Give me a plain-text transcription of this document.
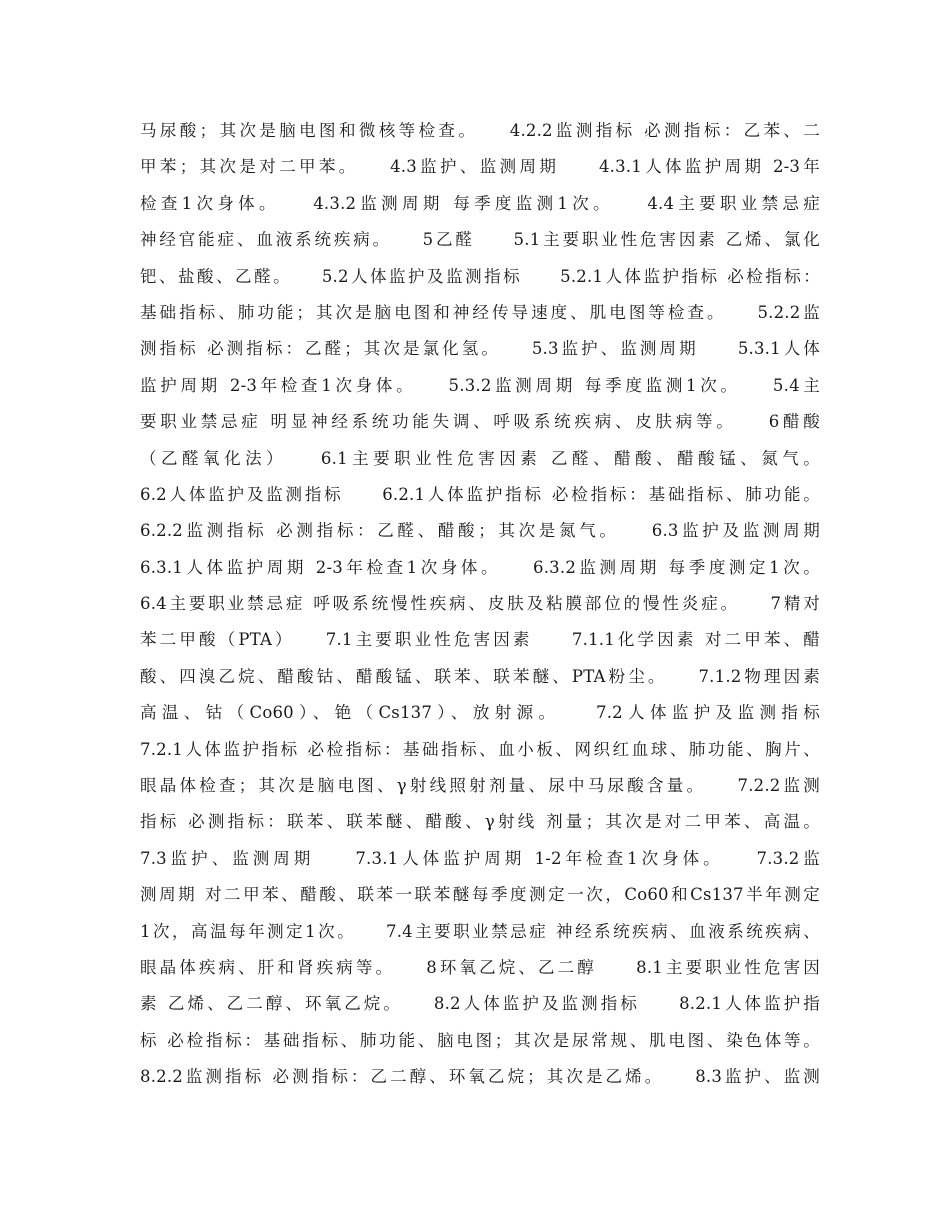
马尿酸；其次是脑电图和微核等检查。　　4.2.2监测指标 必测指标：乙苯、二
甲苯；其次是对二甲苯。　　4.3监护、监测周期　　4.3.1人体监护周期 2-3年
检查1次身体。　　4.3.2监测周期 每季度监测1次。　　4.4主要职业禁忌症
神经官能症、血液系统疾病。　　5乙醛　　5.1主要职业性危害因素 乙烯、氯化
钯、盐酸、乙醛。　　5.2人体监护及监测指标　　5.2.1人体监护指标 必检指标：
基础指标、肺功能；其次是脑电图和神经传导速度、肌电图等检查。　　5.2.2监
测指标 必测指标：乙醛；其次是氯化氢。　　5.3监护、监测周期　　5.3.1人体
监护周期 2-3年检查1次身体。　　5.3.2监测周期 每季度监测1次。　　5.4主
要职业禁忌症 明显神经系统功能失调、呼吸系统疾病、皮肤病等。　　6醋酸
（乙醛氧化法）　　6.1主要职业性危害因素 乙醛、醋酸、醋酸锰、氮气。
6.2人体监护及监测指标　　6.2.1人体监护指标 必检指标：基础指标、肺功能。
6.2.2监测指标 必测指标：乙醛、醋酸；其次是氮气。　　6.3监护及监测周期
6.3.1人体监护周期 2-3年检查1次身体。　　6.3.2监测周期 每季度测定1次。
6.4主要职业禁忌症 呼吸系统慢性疾病、皮肤及粘膜部位的慢性炎症。　　7精对
苯二甲酸（PTA）　　7.1主要职业性危害因素　　7.1.1化学因素 对二甲苯、醋
酸、四溴乙烷、醋酸钴、醋酸锰、联苯、联苯醚、PTA粉尘。　　7.1.2物理因素
高温、钴（Co60）、铯（Cs137）、放射源。　　7.2人体监护及监测指标
7.2.1人体监护指标 必检指标：基础指标、血小板、网织红血球、肺功能、胸片、
眼晶体检查；其次是脑电图、γ射线照射剂量、尿中马尿酸含量。　　7.2.2监测
指标 必测指标：联苯、联苯醚、醋酸、γ射线 剂量；其次是对二甲苯、高温。
7.3监护、监测周期　　7.3.1人体监护周期 1-2年检查1次身体。　　7.3.2监
测周期 对二甲苯、醋酸、联苯一联苯醚每季度测定一次，Co60和Cs137半年测定
1次，高温每年测定1次。　　7.4主要职业禁忌症 神经系统疾病、血液系统疾病、
眼晶体疾病、肝和肾疾病等。　　8环氧乙烷、乙二醇　　8.1主要职业性危害因
素 乙烯、乙二醇、环氧乙烷。　　8.2人体监护及监测指标　　8.2.1人体监护指
标 必检指标：基础指标、肺功能、脑电图；其次是尿常规、肌电图、染色体等。
8.2.2监测指标 必测指标：乙二醇、环氧乙烷；其次是乙烯。　　8.3监护、监测
